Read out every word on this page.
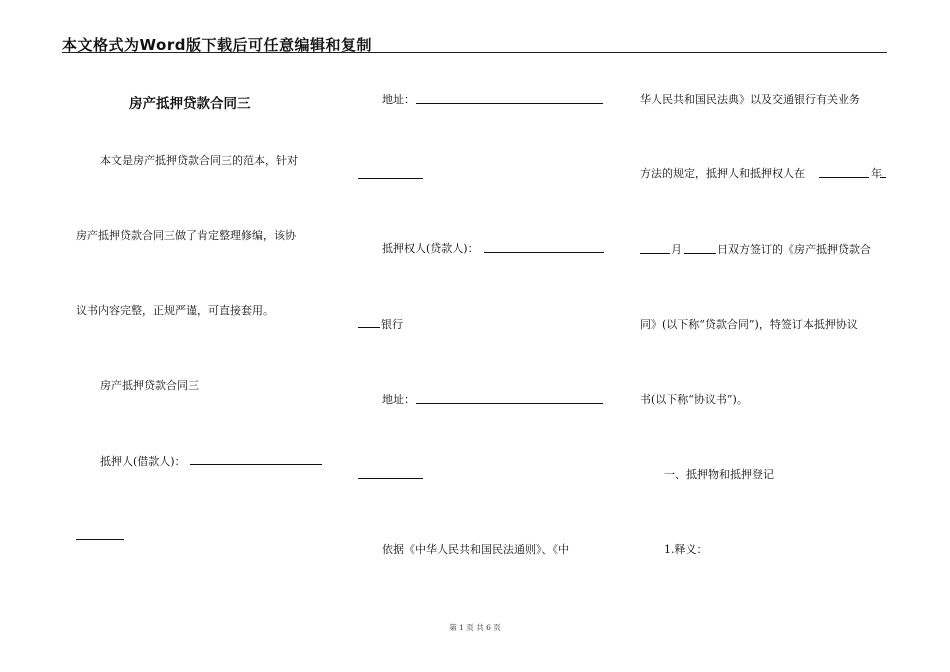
本文格式为Word版下载后可任意编辑和复制
房产抵押贷款合同三
本文是房产抵押贷款合同三的范本，针对
房产抵押贷款合同三做了肯定整理修编，该协
议书内容完整，正规严谨，可直接套用。
房产抵押贷款合同三
抵押人(借款人)：
地址：
抵押权人(贷款人)：
银行
地址：
依据《中华人民共和国民法通则》、《中
华人民共和国民法典》以及交通银行有关业务
方法的规定，抵押人和抵押权人在	年
月	日双方签订的《房产抵押贷款合
同》(以下称“贷款合同”)，特签订本抵押协议
书(以下称“协议书”)。
一、抵押物和抵押登记
1.释义：
第 1 页 共 6 页
